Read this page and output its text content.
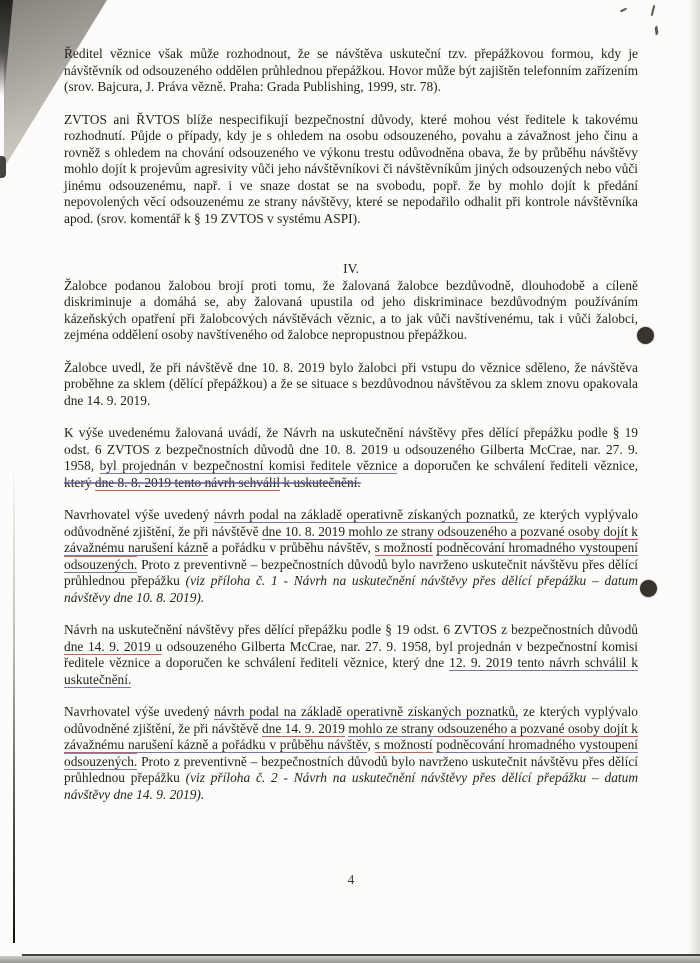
Ředitel věznice však může rozhodnout, že se návštěva uskuteční tzv. přepážkovou formou, kdy je návštěvník od odsouzeného oddělen průhlednou přepážkou. Hovor může být zajištěn telefonním zařízením (srov. Bajcura, J. Práva vězně. Praha: Grada Publishing, 1999, str. 78).

ZVTOS ani ŘVTOS blíže nespecifikují bezpečnostní důvody, které mohou vést ředitele k takovému rozhodnutí. Půjde o případy, kdy je s ohledem na osobu odsouzeného, povahu a závažnost jeho činu a rovněž s ohledem na chování odsouzeného ve výkonu trestu odůvodněna obava, že by průběhu návštěvy mohlo dojít k projevům agresivity vůči jeho návštěvníkovi či návštěvníkům jiných odsouzených nebo vůči jinému odsouzenému, např. i ve snaze dostat se na svobodu, popř. že by mohlo dojít k předání nepovolených věcí odsouzenému ze strany návštěvy, které se nepodařilo odhalit při kontrole návštěvníka apod. (srov. komentář k § 19 ZVTOS v systému ASPI).

IV.

Žalobce podanou žalobou brojí proti tomu, že žalovaná žalobce bezdůvodně, dlouhodobě a cíleně diskriminuje a domáhá se, aby žalovaná upustila od jeho diskriminace bezdůvodným používáním kázeňských opatření při žalobcových návštěvách věznic, a to jak vůči navštívenému, tak i vůči žalobci, zejména oddělení osoby navštíveného od žalobce nepropustnou přepážkou.

Žalobce uvedl, že při návštěvě dne 10. 8. 2019 bylo žalobci při vstupu do věznice sděleno, že návštěva proběhne za sklem (dělící přepážkou) a že se situace s bezdůvodnou návštěvou za sklem znovu opakovala dne 14. 9. 2019.

K výše uvedenému žalovaná uvádí, že Návrh na uskutečnění návštěvy přes dělící přepážku podle § 19 odst. 6 ZVTOS z bezpečnostních důvodů dne 10. 8. 2019 u odsouzeného Gilberta McCrae, nar. 27. 9. 1958, byl projednán v bezpečnostní komisi ředitele věznice a doporučen ke schválení řediteli věznice, který dne 8. 8. 2019 tento návrh schválil k uskutečnění.

Navrhovatel výše uvedený návrh podal na základě operativně získaných poznatků, ze kterých vyplývalo odůvodněné zjištění, že při návštěvě dne 10. 8. 2019 mohlo ze strany odsouzeného a pozvané osoby dojít k závažnému narušení kázně a pořádku v průběhu návštěv, s možností podněcování hromadného vystoupení odsouzených. Proto z preventivně – bezpečnostních důvodů bylo navrženo uskutečnit návštěvu přes dělící průhlednou přepážku (viz příloha č. 1 - Návrh na uskutečnění návštěvy přes dělící přepážku – datum návštěvy dne 10. 8. 2019).

Návrh na uskutečnění návštěvy přes dělící přepážku podle § 19 odst. 6 ZVTOS z bezpečnostních důvodů dne 14. 9. 2019 u odsouzeného Gilberta McCrae, nar. 27. 9. 1958, byl projednán v bezpečnostní komisi ředitele věznice a doporučen ke schválení řediteli věznice, který dne 12. 9. 2019 tento návrh schválil k uskutečnění.

Navrhovatel výše uvedený návrh podal na základě operativně získaných poznatků, ze kterých vyplývalo odůvodněné zjištění, že při návštěvě dne 14. 9. 2019 mohlo ze strany odsouzeného a pozvané osoby dojít k závažnému narušení kázně a pořádku v průběhu návštěv, s možností podněcování hromadného vystoupení odsouzených. Proto z preventivně – bezpečnostních důvodů bylo navrženo uskutečnit návštěvu přes dělící průhlednou přepážku (viz příloha č. 2 - Návrh na uskutečnění návštěvy přes dělící přepážku – datum návštěvy dne 14. 9. 2019).

4
